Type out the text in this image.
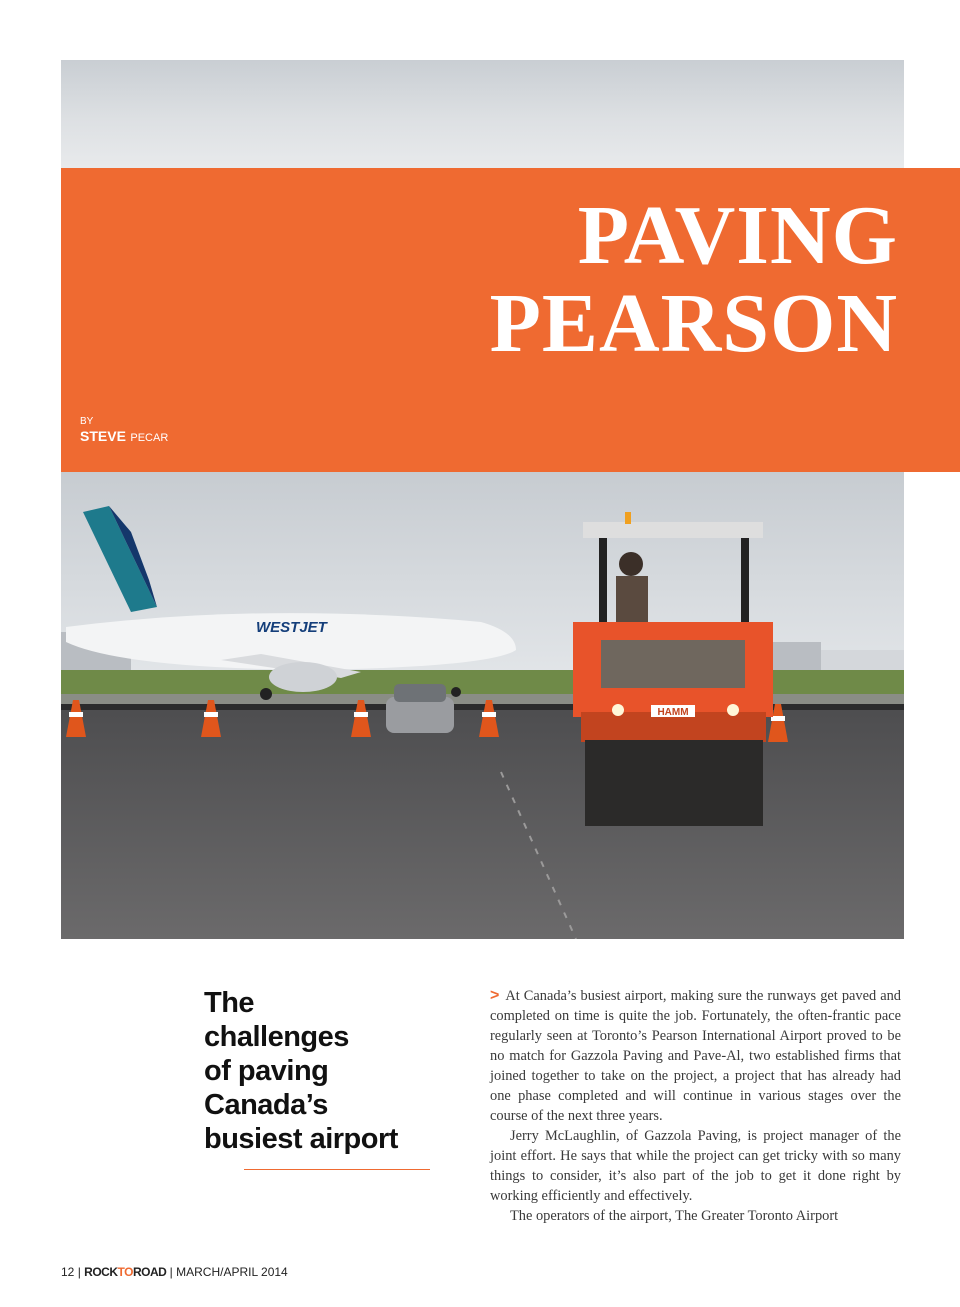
PAVING
PEARSON
BY
STEVE PECAR
WESTJET
HAMM
The
challenges
of paving
Canada’s
busiest airport

> At Canada’s busiest airport, making sure the runways get paved and completed on time is quite the job. Fortunately, the often-frantic pace regularly seen at Toronto’s Pearson International Airport proved to be no match for Gazzola Paving and Pave-Al, two established firms that joined together to take on the project, a project that has already had one phase completed and will continue in various stages over the course of the next three years.

Jerry McLaughlin, of Gazzola Paving, is project manager of the joint effort. He says that while the project can get tricky with so many things to consider, it’s also part of the job to get it done right by working efficiently and effectively.

The operators of the airport, The Greater Toronto Airport

12 | ROCKTOROAD | MARCH/APRIL 2014
